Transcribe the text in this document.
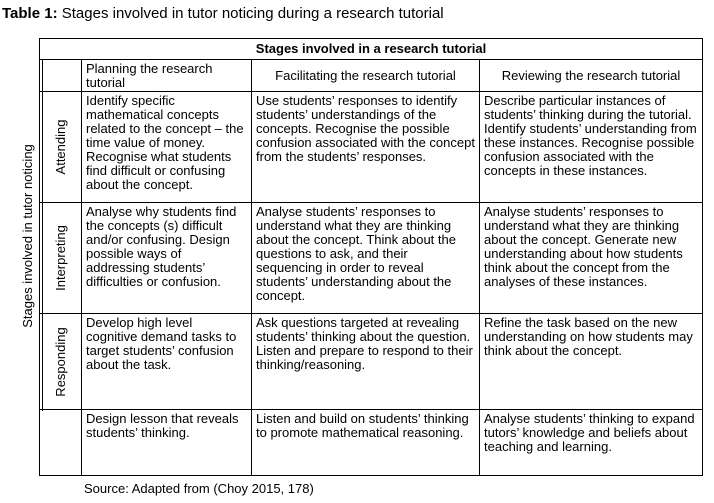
Table 1: Stages involved in tutor noticing during a research tutorial
Stages involved in tutor noticing
Stages involved in a research tutorial			
	Planning the research tutorial	Facilitating the research tutorial	Reviewing the research tutorial

Attending	Identify specific mathematical concepts related to the concept – the time value of money. Recognise what students find difficult or confusing about the concept.	Use students’ responses to identify students’ understandings of the concepts. Recognise the possible confusion associated with the concept from the students’ responses.	Describe particular instances of students’ thinking during the tutorial. Identify students’ understanding from these instances. Recognise possible confusion associated with the concepts in these instances.

Interpreting	Analyse why students find the concepts (s) difficult and/or confusing. Design possible ways of addressing students’ difficulties or confusion.	Analyse students’ responses to understand what they are thinking about the concept. Think about the questions to ask, and their sequencing in order to reveal students’ understanding about the concept.	Analyse students’ responses to understand what they are thinking about the concept. Generate new understanding about how students think about the concept from the analyses of these instances.

Responding	Develop high level cognitive demand tasks to target students’ confusion about the task.	Ask questions targeted at revealing students’ thinking about the question. Listen and prepare to respond to their thinking/reasoning.	Refine the task based on the new understanding on how students may think about the concept.

	Design lesson that reveals students’ thinking.	Listen and build on students’ thinking to promote mathematical reasoning.	Analyse students’ thinking to expand tutors’ knowledge and beliefs about teaching and learning.
Source: Adapted from (Choy 2015, 178)
